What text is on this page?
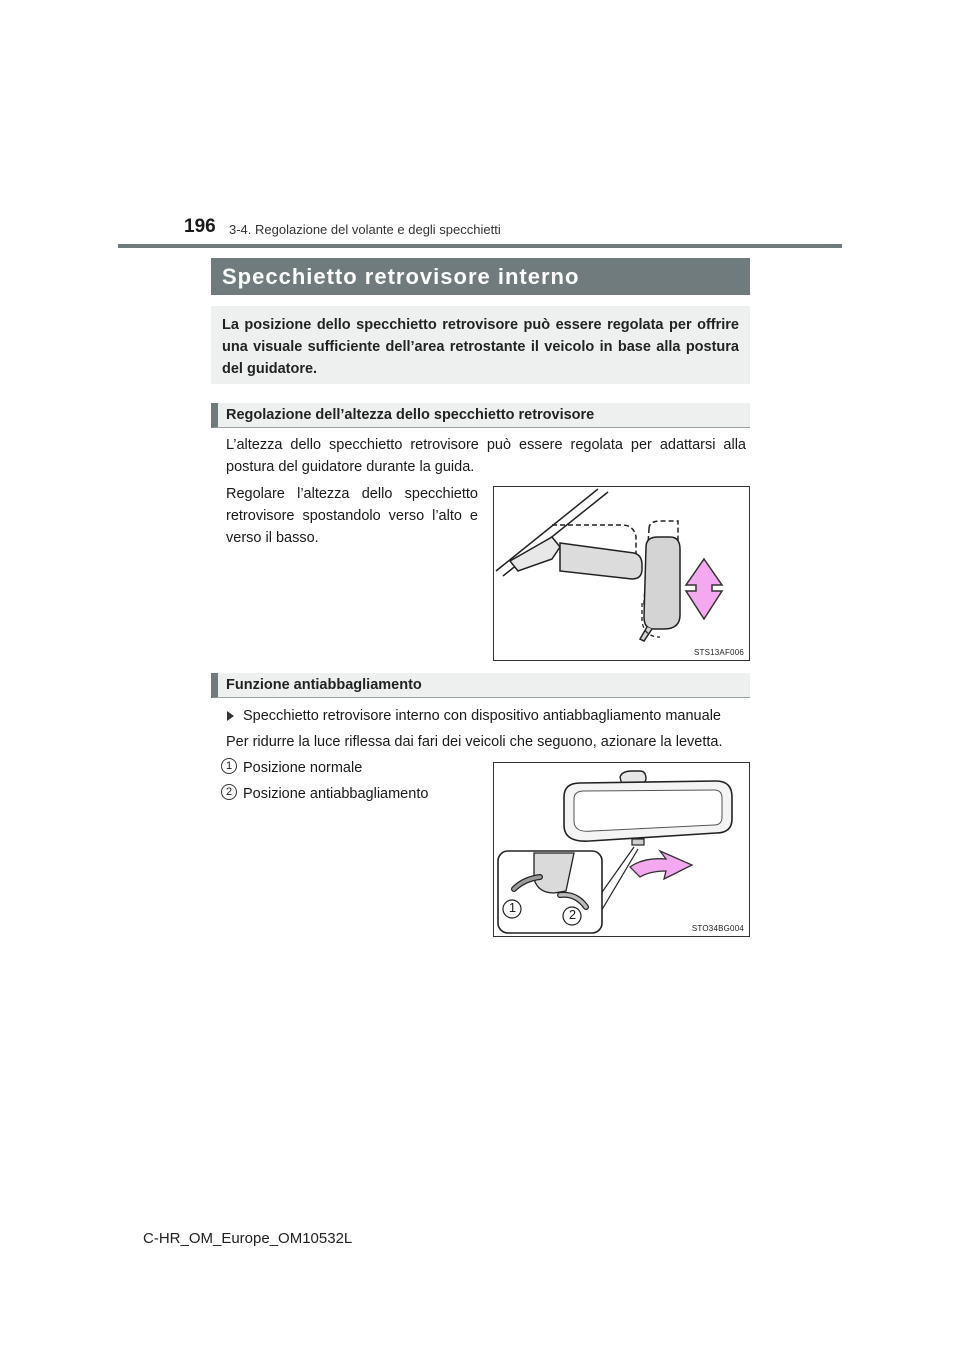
196 3-4. Regolazione del volante e degli specchietti
Specchietto retrovisore interno
La posizione dello specchietto retrovisore può essere regolata per offrire una visuale sufficiente dell’area retrostante il veicolo in base alla postura del guidatore.
Regolazione dell’altezza dello specchietto retrovisore
L’altezza dello specchietto retrovisore può essere regolata per adattarsi alla postura del guidatore durante la guida.
Regolare l’altezza dello specchietto retrovisore spostandolo verso l’alto e verso il basso.
STS13AF006
Funzione antiabbagliamento
Specchietto retrovisore interno con dispositivo antiabbagliamento manuale
Per ridurre la luce riflessa dai fari dei veicoli che seguono, azionare la levetta.
1 Posizione normale
2 Posizione antiabbagliamento
1	2
STO34BG004
C-HR_OM_Europe_OM10532L
